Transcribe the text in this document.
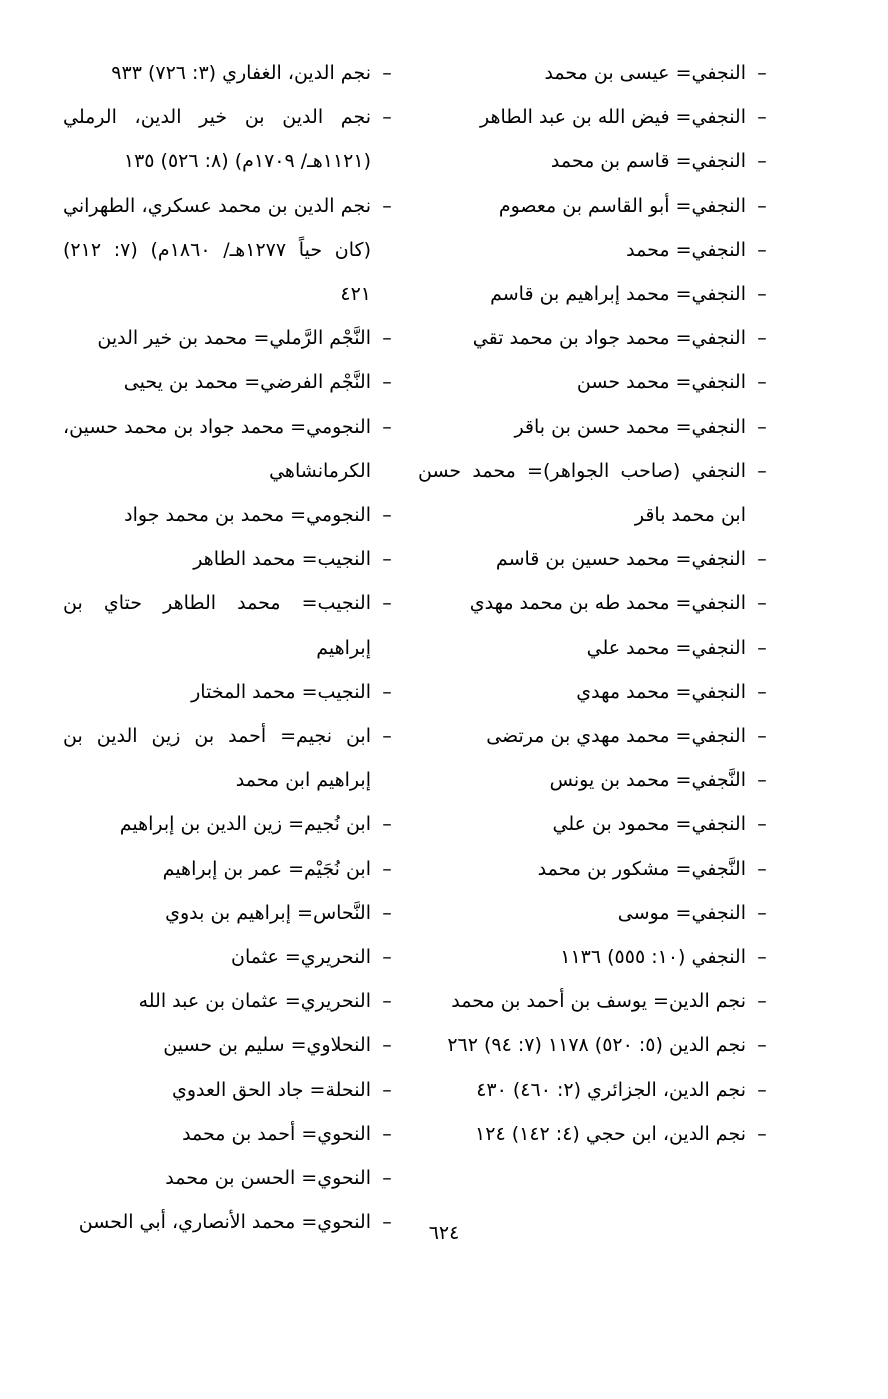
–
النجفي= عيسى بن محمد
–
النجفي= فيض الله بن عبد الطاهر
–
النجفي= قاسم بن محمد
–
النجفي= أبو القاسم بن معصوم
–
النجفي= محمد
–
النجفي= محمد إبراهيم بن قاسم
–
النجفي= محمد جواد بن محمد تقي
–
النجفي= محمد حسن
–
النجفي= محمد حسن بن باقر
–
النجفي (صاحب الجواهر)= محمد حسن ابن محمد باقر
–
النجفي= محمد حسين بن قاسم
–
النجفي= محمد طه بن محمد مهدي
–
النجفي= محمد علي
–
النجفي= محمد مهدي
–
النجفي= محمد مهدي بن مرتضى
–
النَّجفي= محمد بن يونس
–
النجفي= محمود بن علي
–
النَّجفي= مشكور بن محمد
–
النجفي= موسى
–
النجفي (١٠: ٥٥٥) ١١٣٦
–
نجم الدين= يوسف بن أحمد بن محمد
–
نجم الدين (٥: ٥٢٠) ١١٧٨ (٧: ٩٤) ٢٦٢
–
نجم الدين، الجزائري (٢: ٤٦٠) ٤٣٠
–
نجم الدين، ابن حجي (٤: ١٤٢) ١٢٤
–
نجم الدين، الغفاري (٣: ٧٢٦) ٩٣٣
–
نجم الدين بن خير الدين، الرملي (١١٢١هـ/ ١٧٠٩م) (٨: ٥٢٦) ١٣٥
–
نجم الدين بن محمد عسكري، الطهراني (كان حياً ١٢٧٧هـ/ ١٨٦٠م) (٧: ٢١٢) ٤٢١
–
النَّجْم الرَّملي= محمد بن خير الدين
–
النَّجْم الفرضي= محمد بن يحيى
–
النجومي= محمد جواد بن محمد حسين، الكرمانشاهي
–
النجومي= محمد بن محمد جواد
–
النجيب= محمد الطاهر
–
النجيب= محمد الطاهر حتاي بن إبراهيم
–
النجيب= محمد المختار
–
ابن نجيم= أحمد بن زين الدين بن إبراهيم ابن محمد
–
ابن نُجيم= زين الدين بن إبراهيم
–
ابن نُجَيْم= عمر بن إبراهيم
–
النَّحاس= إبراهيم بن بدوي
–
النحريري= عثمان
–
النحريري= عثمان بن عبد الله
–
النحلاوي= سليم بن حسين
–
النحلة= جاد الحق العدوي
–
النحوي= أحمد بن محمد
–
النحوي= الحسن بن محمد
–
النحوي= محمد الأنصاري، أبي الحسن	٦٢٤
